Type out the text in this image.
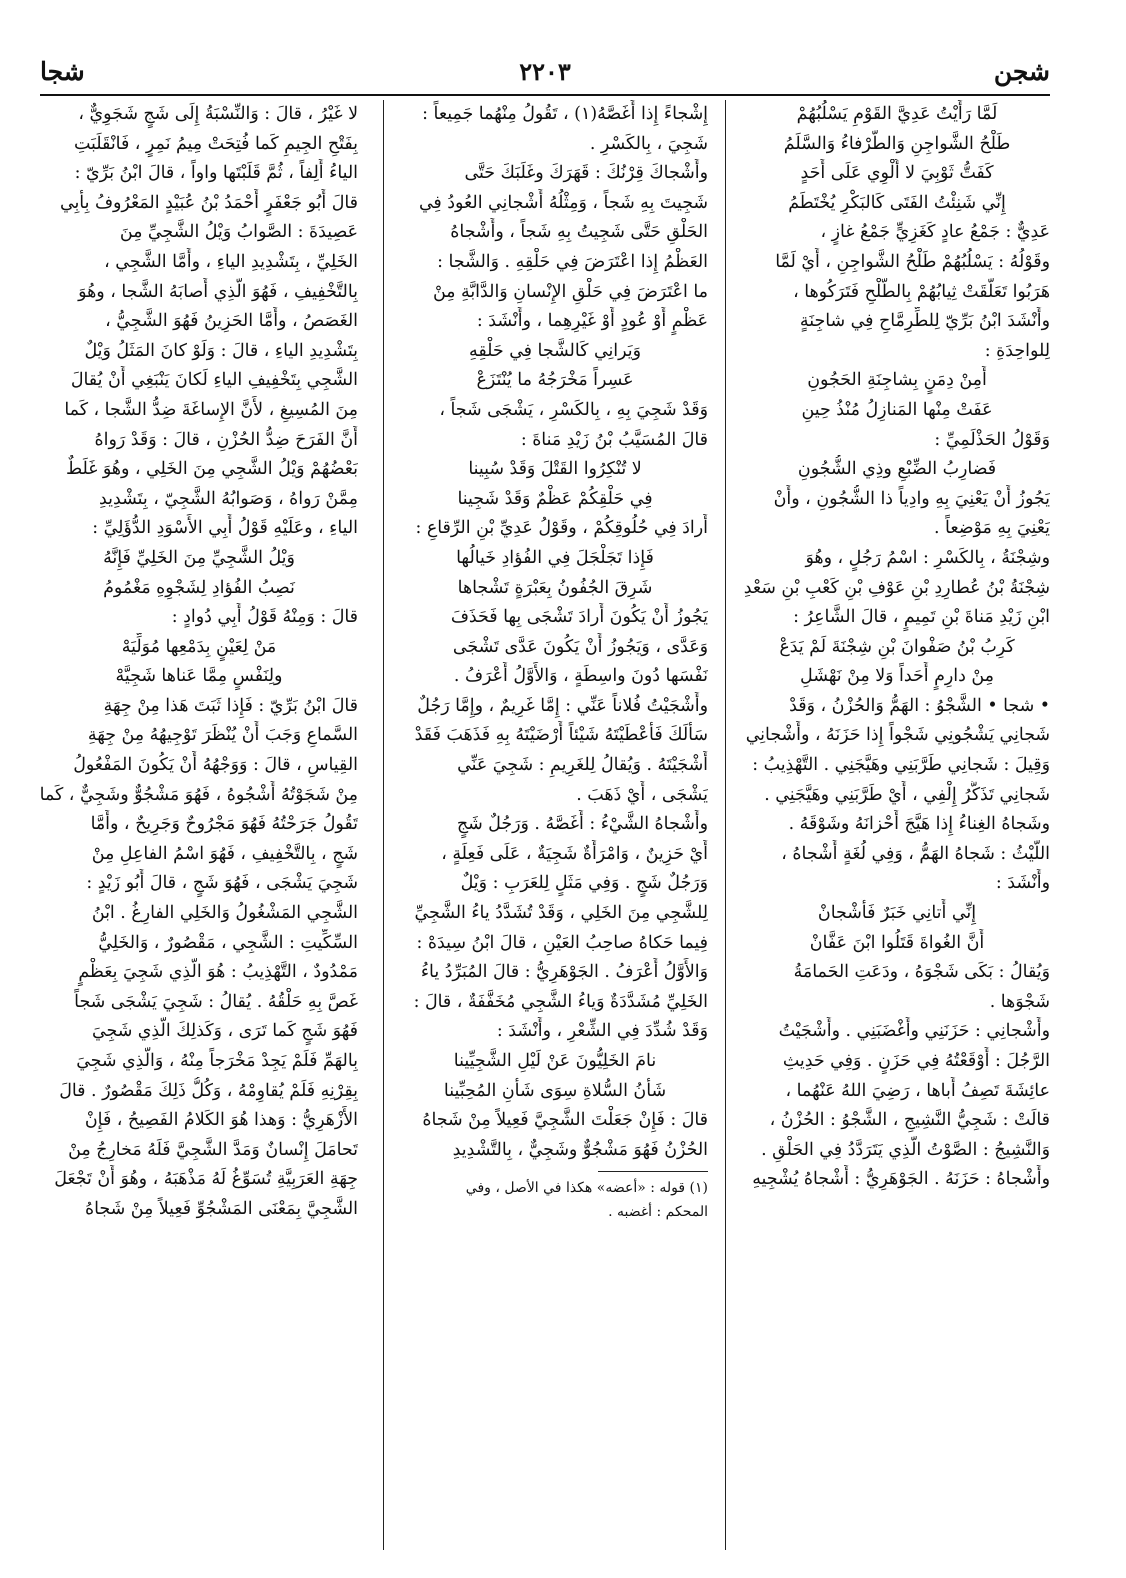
شجن
٢٢٠٣
شجا
لَمَّا رَأَيْتُ عَدِيَّ القَوْمِ يَسْلُبُهُمْ
طَلْحُ الشَّواجِنِ وَالطَّرْفاءُ وَالسَّلَمُ
كَفَتُّ ثَوْبِيَ لا أُلْوِي عَلَى أَحَدٍ
إِنِّي شَنِئْتُ الفَتَى كَالبَكْرِ يُخْتَطَمُ
عَدِيٌّ : جَمْعُ عادٍ كَغَزِيٍّ جَمْعُ غازٍ ،
وقَوْلُهُ : يَسْلُبُهُمْ طَلْحُ الشَّواجِنِ ، أَيْ لَمَّا
هَرَبُوا تَعَلَّقَتْ ثِيابُهُمْ بِالطَّلْحِ فَتَرَكُوها ،
وأَنْشَدَ ابْنُ بَرِّيّ لِلطِّرِمَّاحِ فِي شاجِنَةٍ
لِلواحِدَةِ :
أَمِنْ دِمَنٍ بِشاجِنَةِ الحَجُونِ
عَفَتْ مِنْها المَنازِلُ مُنْذُ حِينِ
وَقَوْلُ الحَذْلَمِيِّ :
فَضارِبُ الضِّبْعِ وذِي الشُّجُونِ
يَجُوزُ أَنْ يَعْنِيَ بِهِ وادِياً ذا الشُّجُونِ ، وأَنْ
يَعْنِيَ بِهِ مَوْضِعاً .
وشِجْنَةُ ، بِالكَسْرِ : اسْمُ رَجُلٍ ، وهُوَ
شِجْنَةُ بْنُ عُطارِدِ بْنِ عَوْفِ بْنِ كَعْبِ بْنِ سَعْدِ
ابْنِ زَيْدِ مَناةَ بْنِ تَمِيمٍ ، قالَ الشَّاعِرُ :
كَرِبُ بْنُ صَفْوانَ بْنِ شِجْنَةَ لَمْ يَدَعْ
مِنْ دارِمٍ أَحَداً وَلا مِنْ نَهْشَلِ
• شجا • الشَّجْوُ : الهَمُّ وَالحُزْنُ ، وَقَدْ
شَجانِي يَشْجُونِي شَجْواً إِذا حَزَنَهُ ، وأَشْجانِي
وَقِيلَ : شَجانِي طَرَّبَنِي وهَيَّجَنِي . التَّهْذِيبُ :
شَجانِي تَذَكُّرُ إِلْفِي ، أَيْ طَرَّبَنِي وهَيَّجَنِي .
وشَجاهُ الغِناءُ إِذا هَيَّجَ أَحْزانَهُ وشَوْقَهُ .
اللَّيْثُ : شَجاهُ الهَمُّ ، وَفِي لُغَةٍ أَشْجاهُ ،
وأَنْشَدَ :
إِنِّي أَتانِي خَبَرٌ فَأَشْجانْ
أَنَّ الغُواةَ قَتَلُوا ابْنَ عَفَّانْ
وَيُقالُ : بَكَى شَجْوَهُ ، ودَعَتِ الحَمامَةُ
شَجْوَها .
وأَشْجانِي : حَزَنَنِي وأَغْضَبَنِي . وأَشْجَيْتُ
الرَّجُلَ : أَوْقَعْتُهُ فِي حَزَنٍ . وَفِي حَدِيثِ
عائِشَةَ تَصِفُ أَباها ، رَضِيَ اللهُ عَنْهُما ،
قالَتْ : شَجِيُّ النَّشِيجِ ، الشَّجْوُ : الحُزْنُ ،
وَالنَّشِيجُ : الصَّوْتُ الَّذِي يَتَرَدَّدُ فِي الحَلْقِ .
وأَشْجاهُ : حَزَنَهُ . الجَوْهَرِيُّ : أَشْجاهُ يُشْجِيهِ
إِشْجاءً إِذا أَغَصَّهُ(١) ، تَقُولُ مِنْهُما جَمِيعاً :
شَجِيَ ، بِالكَسْرِ .
وأَشْجاكَ قِرْنُكَ : قَهَرَكَ وغَلَبَكَ حَتَّى
شَجِيتَ بِهِ شَجاً ، وَمِثْلُهُ أَشْجانِي العُودُ فِي
الحَلْقِ حَتَّى شَجِيتُ بِهِ شَجاً ، وأَشْجاهُ
العَظْمُ إِذا اعْتَرَضَ فِي حَلْقِهِ . وَالشَّجا :
ما اعْتَرَضَ فِي حَلْقِ الإِنْسانِ وَالدَّابَّةِ مِنْ
عَظْمٍ أَوْ عُودٍ أَوْ غَيْرِهِما ، وأَنْشَدَ :
وَيَرانِي كَالشَّجا فِي حَلْقِهِ
عَسِراً مَخْرَجُهُ ما يُنْتَزَعْ
وَقَدْ شَجِيَ بِهِ ، بِالكَسْرِ ، يَشْجَى شَجاً ،
قالَ المُسَيَّبُ بْنُ زَيْدِ مَناةَ :
لا تُنْكِرُوا القَتْلَ وَقَدْ سُبِينا
فِي حَلْقِكُمْ عَظْمٌ وَقَدْ شَجِينا
أَرادَ فِي حُلُوقِكُمْ ، وقَوْلُ عَدِيِّ بْنِ الرِّقاعِ :
فَإِذا تَجَلْجَلَ فِي الفُؤادِ خَيالُها
شَرِقَ الجُفُونُ بِعَبْرَةٍ تَشْجاها
يَجُوزُ أَنْ يَكُونَ أَرادَ تَشْجَى بِها فَحَذَفَ
وَعَدَّى ، وَيَجُوزُ أَنْ يَكُونَ عَدَّى تَشْجَى
نَفْسَها دُونَ واسِطَةٍ ، وَالأَوَّلُ أَعْرَفُ .
وأَشْجَيْتُ فُلاناً عَنِّي : إِمَّا غَرِيمٌ ، وإِمَّا رَجُلٌ
سَأَلَكَ فَأَعْطَيْتَهُ شَيْئاً أَرْضَيْتَهُ بِهِ فَذَهَبَ فَقَدْ
أَشْجَيْتَهُ . وَيُقالُ لِلغَرِيمِ : شَجِيَ عَنِّي
يَشْجَى ، أَيْ ذَهَبَ .
وأَشْجاهُ الشَّيْءُ : أَغَصَّهُ . وَرَجُلٌ شَجٍ
أَيْ حَزِينٌ ، وَامْرَأَةٌ شَجِيَةٌ ، عَلَى فَعِلَةٍ ،
وَرَجُلٌ شَجٍ . وَفِي مَثَلٍ لِلعَرَبِ : وَيْلٌ
لِلشَّجِي مِنَ الخَلِي ، وَقَدْ تُشَدَّدُ ياءُ الشَّجِيِّ
فِيما حَكاهُ صاحِبُ العَيْنِ ، قالَ ابْنُ سِيدَهْ :
وَالأَوَّلُ أَعْرَفُ . الجَوْهَرِيُّ : قالَ المُبَرِّدُ ياءُ
الخَلِيِّ مُشَدَّدَةٌ وَياءُ الشَّجِي مُخَفَّفَةٌ ، قالَ :
وَقَدْ شُدِّدَ فِي الشِّعْرِ ، وأَنْشَدَ :
نامَ الخَلِيُّونَ عَنْ لَيْلِ الشَّجِيِّينا
شَأْنُ السُّلاةِ سِوَى شَأْنِ المُحِبِّينا
قالَ : فَإِنْ جَعَلْتَ الشَّجِيَّ فَعِيلاً مِنْ شَجاهُ
الحُزْنُ فَهُوَ مَشْجُوٌّ وشَجِيٌّ ، بِالتَّشْدِيدِ
(١) قوله : «أعضه» هكذا في الأصل ، وفي
المحكم : أغضبه .
لا غَيْرُ ، قالَ : وَالنِّسْبَةُ إِلَى شَجٍ شَجَوِيٌّ ،
بِفَتْحِ الجِيمِ كَما فُتِحَتْ مِيمُ نَمِرٍ ، فَانْقَلَبَتِ
الياءُ أَلِفاً ، ثُمَّ قَلَبْتَها واواً ، قالَ ابْنُ بَرِّيّ :
قالَ أَبُو جَعْفَرٍ أَحْمَدُ بْنُ عُبَيْدٍ المَعْرُوفُ بِأَبِي
عَصِيدَةَ : الصَّوابُ وَيْلُ الشَّجِيِّ مِنَ
الخَلِيِّ ، بِتَشْدِيدِ الياءِ ، وأَمَّا الشَّجِي ،
بِالتَّخْفِيفِ ، فَهُوَ الَّذِي أَصابَهُ الشَّجا ، وهُوَ
الغَصَصُ ، وأَمَّا الحَزِينُ فَهُوَ الشَّجِيُّ ،
بِتَشْدِيدِ الياءِ ، قالَ : وَلَوْ كانَ المَثَلُ وَيْلٌ
الشَّجِي بِتَخْفِيفِ الياءِ لَكانَ يَنْبَغِي أَنْ يُقالَ
مِنَ المُسِيغِ ، لأَنَّ الإِساغَةَ ضِدُّ الشَّجا ، كَما
أَنَّ الفَرَحَ ضِدُّ الحُزْنِ ، قالَ : وَقَدْ رَواهُ
بَعْضُهُمْ وَيْلُ الشَّجِي مِنَ الخَلِي ، وهُوَ غَلَطٌ
مِمَّنْ رَواهُ ، وَصَوابُهُ الشَّجِيّ ، بِتَشْدِيدِ
الياءِ ، وعَلَيْهِ قَوْلُ أَبِي الأَسْوَدِ الدُّؤَلِيِّ :
وَيْلُ الشَّجِيِّ مِنَ الخَلِيِّ فَإِنَّهُ
نَصِبُ الفُؤادِ لِشَجْوِهِ مَغْمُومُ
قالَ : وَمِنْهُ قَوْلُ أَبِي دُوادٍ :
مَنْ لِعَيْنٍ بِدَمْعِها مُوَلِّيَهْ
ولِنَفْسٍ مِمَّا عَناها شَجِيَّهْ
قالَ ابْنُ بَرِّيّ : فَإِذا ثَبَتَ هَذا مِنْ جِهَةِ
السَّماعِ وَجَبَ أَنْ يُنْظَرَ تَوْجِيهُهُ مِنْ جِهَةِ
القِياسِ ، قالَ : وَوَجْهُهُ أَنْ يَكُونَ المَفْعُولُ
مِنْ شَجَوْتُهُ أَشْجُوهُ ، فَهُوَ مَشْجُوٌّ وشَجِيٌّ ، كَما
تَقُولُ جَرَحْتُهُ فَهُوَ مَجْرُوحٌ وَجَرِيحٌ ، وأَمَّا
شَجٍ ، بِالتَّخْفِيفِ ، فَهُوَ اسْمُ الفاعِلِ مِنْ
شَجِيَ يَشْجَى ، فَهُوَ شَجٍ ، قالَ أَبُو زَيْدٍ :
الشَّجِي المَشْغُولُ وَالخَلِي الفارِغُ . ابْنُ
السِّكِّيتِ : الشَّجِي ، مَقْصُورٌ ، وَالخَلِيُّ
مَمْدُودٌ ، التَّهْذِيبُ : هُوَ الَّذِي شَجِيَ بِعَظْمٍ
غَصَّ بِهِ حَلْقُهُ . يُقالُ : شَجِيَ يَشْجَى شَجاً
فَهُوَ شَجٍ كَما تَرَى ، وَكَذلِكَ الَّذِي شَجِيَ
بِالهَمِّ فَلَمْ يَجِدْ مَخْرَجاً مِنْهُ ، وَالَّذِي شَجِيَ
بِقِرْنِهِ فَلَمْ يُقاوِمْهُ ، وَكُلُّ ذَلِكَ مَقْصُورٌ . قالَ
الأَزْهَرِيُّ : وَهذا هُوَ الكَلامُ الفَصِيحُ ، فَإِنْ
تَحامَلَ إِنْسانٌ وَمَدَّ الشَّجِيَّ فَلَهُ مَخارِجُ مِنْ
جِهَةِ العَرَبِيَّةِ تُسَوِّغُ لَهُ مَذْهَبَهُ ، وهُوَ أَنْ تَجْعَلَ
الشَّجِيَّ بِمَعْنَى المَشْجُوِّ فَعِيلاً مِنْ شَجاهُ
